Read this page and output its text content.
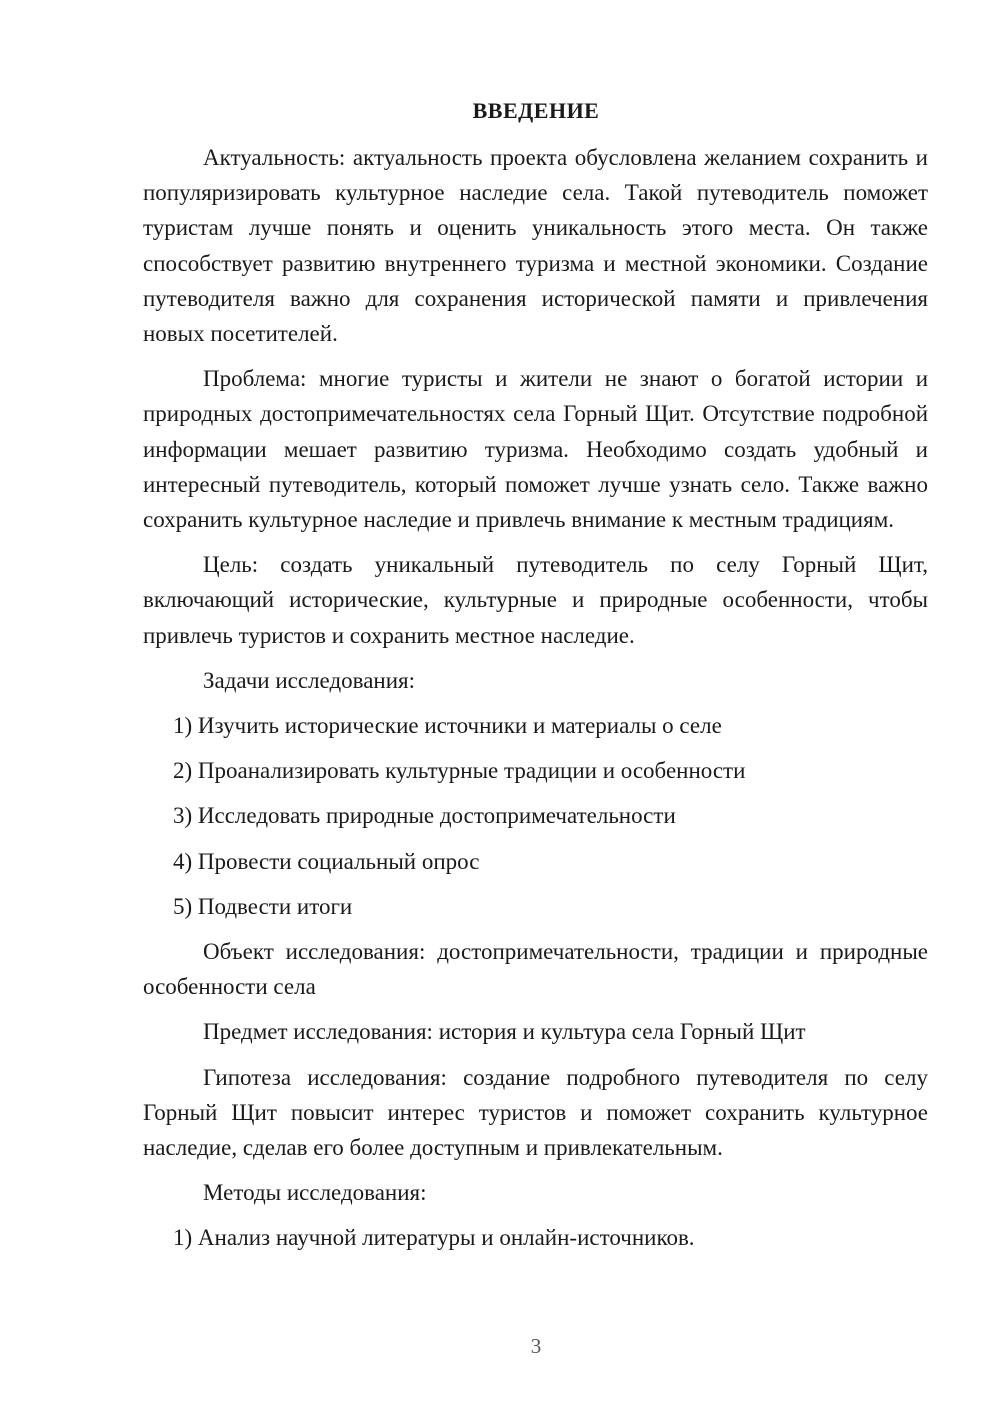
ВВЕДЕНИЕ

Актуальность: актуальность проекта обусловлена желанием сохранить и популяризировать культурное наследие села. Такой путеводитель поможет туристам лучше понять и оценить уникальность этого места. Он также способствует развитию внутреннего туризма и местной экономики. Создание путеводителя важно для сохранения исторической памяти и привлечения новых посетителей.

Проблема: многие туристы и жители не знают о богатой истории и природных достопримечательностях села Горный Щит. Отсутствие подробной информации мешает развитию туризма. Необходимо создать удобный и интересный путеводитель, который поможет лучше узнать село. Также важно сохранить культурное наследие и привлечь внимание к местным традициям.

Цель: создать уникальный путеводитель по селу Горный Щит, включающий исторические, культурные и природные особенности, чтобы привлечь туристов и сохранить местное наследие.

Задачи исследования:

1) Изучить исторические источники и материалы о селе
2) Проанализировать культурные традиции и особенности
3) Исследовать природные достопримечательности
4) Провести социальный опрос
5) Подвести итоги

Объект исследования: достопримечательности, традиции и природные особенности села

Предмет исследования: история и культура села Горный Щит

Гипотеза исследования: создание подробного путеводителя по селу Горный Щит повысит интерес туристов и поможет сохранить культурное наследие, сделав его более доступным и привлекательным.

Методы исследования:

1) Анализ научной литературы и онлайн-источников.
3
